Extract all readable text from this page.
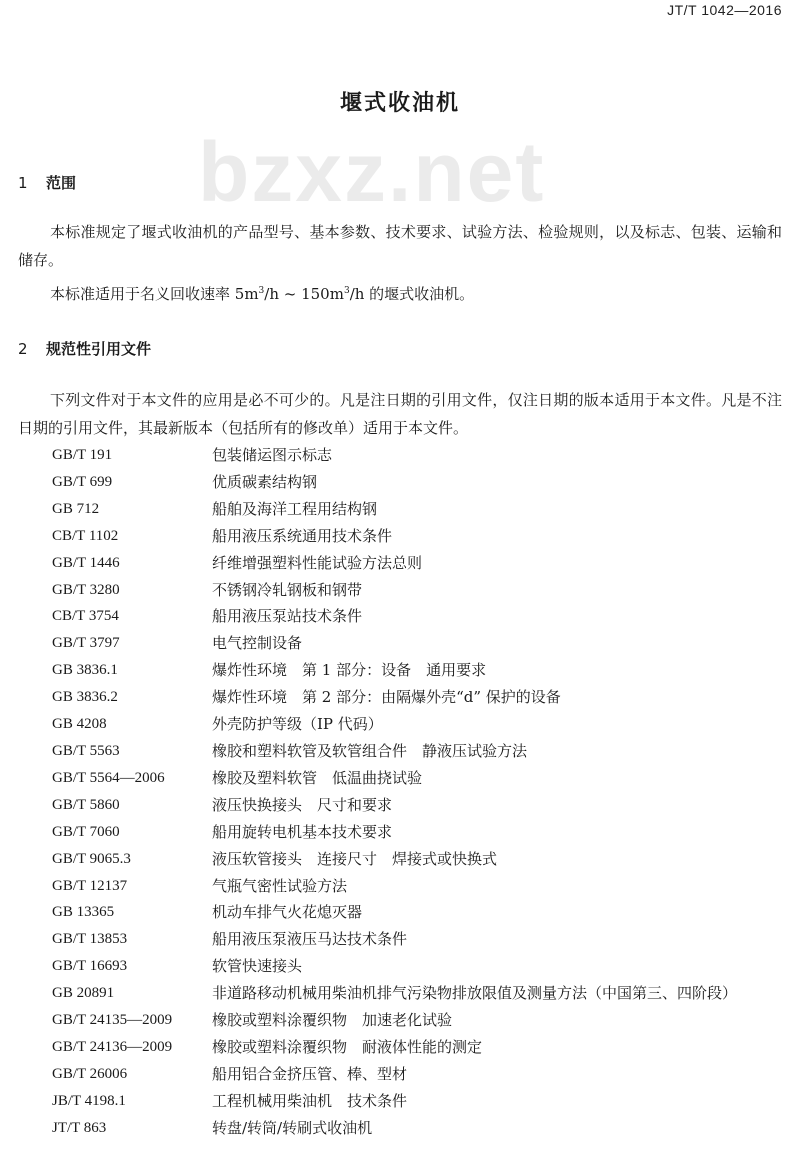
JT/T 1042—2016
bzxz.net
堰式收油机
1 范围
本标准规定了堰式收油机的产品型号、基本参数、技术要求、试验方法、检验规则，以及标志、包装、运输和储存。
本标准适用于名义回收速率 $5m^3/h$ ~ $150m^3/h$ 的堰式收油机。
2 规范性引用文件
下列文件对于本文件的应用是必不可少的。凡是注日期的引用文件，仅注日期的版本适用于本文件。凡是不注日期的引用文件，其最新版本（包括所有的修改单）适用于本文件。
GB/T 191	包装储运图示标志
GB/T 699	优质碳素结构钢
GB 712	船舶及海洋工程用结构钢
CB/T 1102	船用液压系统通用技术条件
GB/T 1446	纤维增强塑料性能试验方法总则
GB/T 3280	不锈钢冷轧钢板和钢带
CB/T 3754	船用液压泵站技术条件
GB/T 3797	电气控制设备
GB 3836.1	爆炸性环境　第 1 部分：设备　通用要求
GB 3836.2	爆炸性环境　第 2 部分：由隔爆外壳“d” 保护的设备
GB 4208	外壳防护等级（IP 代码）
GB/T 5563	橡胶和塑料软管及软管组合件　静液压试验方法
GB/T 5564—2006	橡胶及塑料软管　低温曲挠试验
GB/T 5860	液压快换接头　尺寸和要求
GB/T 7060	船用旋转电机基本技术要求
GB/T 9065.3	液压软管接头　连接尺寸　焊接式或快换式
GB/T 12137	气瓶气密性试验方法
GB 13365	机动车排气火花熄灭器
GB/T 13853	船用液压泵液压马达技术条件
GB/T 16693	软管快速接头
GB 20891	非道路移动机械用柴油机排气污染物排放限值及测量方法（中国第三、四阶段）
GB/T 24135—2009	橡胶或塑料涂覆织物　加速老化试验
GB/T 24136—2009	橡胶或塑料涂覆织物　耐液体性能的测定
GB/T 26006	船用铝合金挤压管、棒、型材
JB/T 4198.1	工程机械用柴油机　技术条件
JT/T 863	转盘/转筒/转刷式收油机
